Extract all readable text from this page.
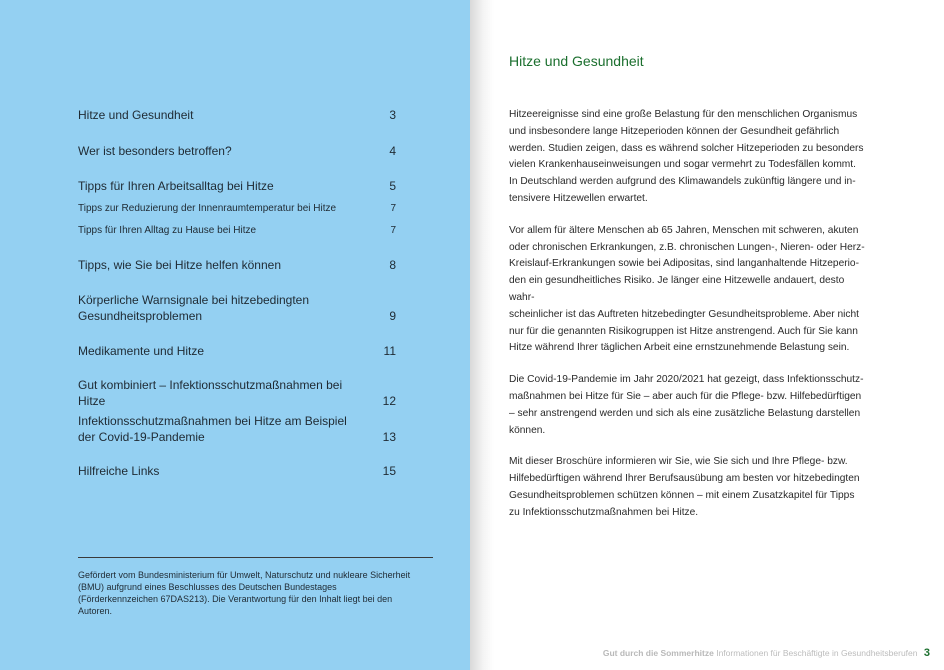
Hitze und Gesundheit	3
Wer ist besonders betroffen?	4
Tipps für Ihren Arbeitsalltag bei Hitze	5
Tipps zur Reduzierung der Innenraumtemperatur bei Hitze	7
Tipps für Ihren Alltag zu Hause bei Hitze	7
Tipps, wie Sie bei Hitze helfen können	8
Körperliche Warnsignale bei hitzebedingten Gesundheitsproblemen	9
Medikamente und Hitze	11
Gut kombiniert – Infektionsschutzmaßnahmen bei Hitze	12
Infektionsschutzmaßnahmen bei Hitze am Beispiel der Covid-19-Pandemie	13
Hilfreiche Links	15
Gefördert vom Bundesministerium für Umwelt, Naturschutz und nukleare Sicherheit (BMU) aufgrund eines Beschlusses des Deutschen Bundestages (Förderkennzeichen 67DAS213). Die Verantwortung für den Inhalt liegt bei den Autoren.
Hitze und Gesundheit

Hitzeereignisse sind eine große Belastung für den menschlichen Organismus
und insbesondere lange Hitzeperioden können der Gesundheit gefährlich
werden. Studien zeigen, dass es während solcher Hitzeperioden zu besonders
vielen Krankenhauseinweisungen und sogar vermehrt zu Todesfällen kommt.
In Deutschland werden aufgrund des Klimawandels zukünftig längere und in-
tensivere Hitzewellen erwartet.

Vor allem für ältere Menschen ab 65 Jahren, Menschen mit schweren, akuten
oder chronischen Erkrankungen, z.B. chronischen Lungen-, Nieren- oder Herz-
Kreislauf-Erkrankungen sowie bei Adipositas, sind langanhaltende Hitzeperio-
den ein gesundheitliches Risiko. Je länger eine Hitzewelle andauert, desto wahr-
scheinlicher ist das Auftreten hitzebedingter Gesundheitsprobleme. Aber nicht
nur für die genannten Risikogruppen ist Hitze anstrengend. Auch für Sie kann
Hitze während Ihrer täglichen Arbeit eine ernstzunehmende Belastung sein.

Die Covid-19-Pandemie im Jahr 2020/2021 hat gezeigt, dass Infektionsschutz-
maßnahmen bei Hitze für Sie – aber auch für die Pflege- bzw. Hilfebedürftigen
– sehr anstrengend werden und sich als eine zusätzliche Belastung darstellen
können.

Mit dieser Broschüre informieren wir Sie, wie Sie sich und Ihre Pflege- bzw.
Hilfebedürftigen während Ihrer Berufsausübung am besten vor hitzebedingten
Gesundheitsproblemen schützen können – mit einem Zusatzkapitel für Tipps
zu Infektionsschutzmaßnahmen bei Hitze.

Gut durch die Sommerhitze Informationen für Beschäftigte in Gesundheitsberufen 3
